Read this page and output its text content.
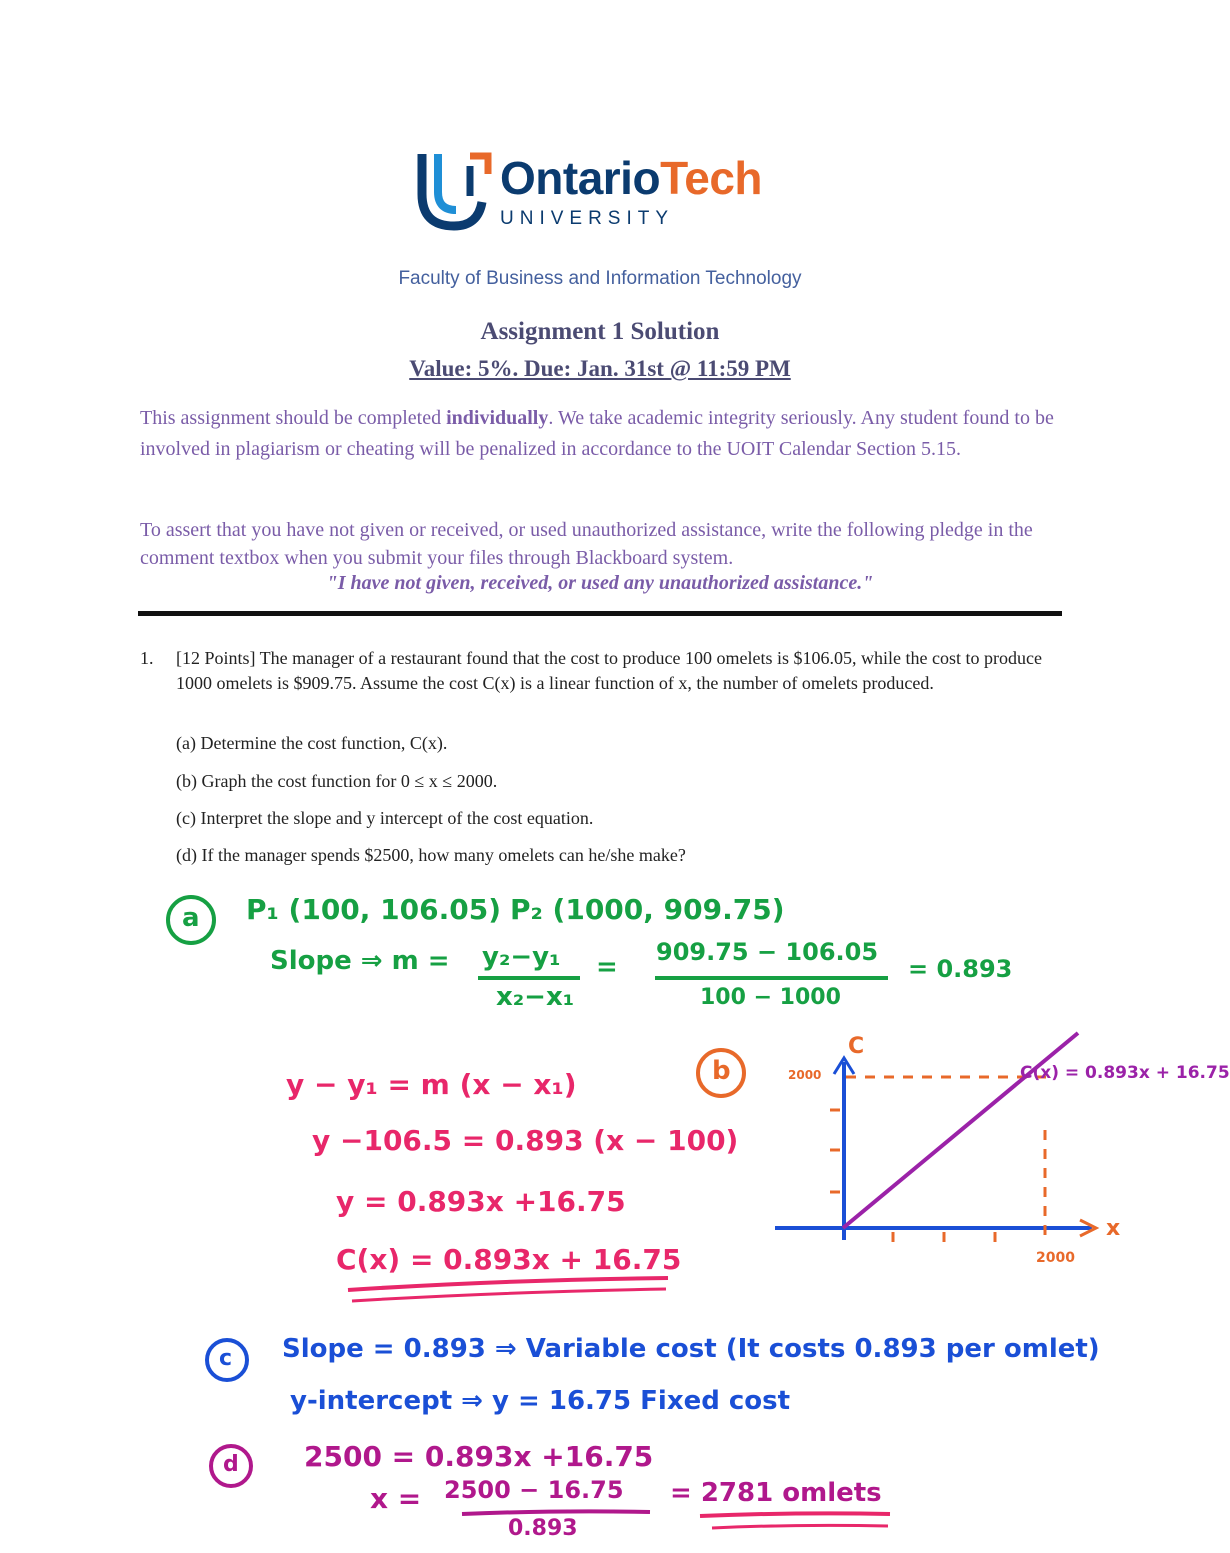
OntarioTech
UNIVERSITY
Faculty of Business and Information Technology
Assignment 1 Solution
Value: 5%. Due: Jan. 31st @ 11:59 PM
This assignment should be completed individually. We take academic integrity seriously. Any student found to be involved in plagiarism or cheating will be penalized in accordance to the UOIT Calendar Section 5.15.
To assert that you have not given or received, or used unauthorized assistance, write the following pledge in the comment textbox when you submit your files through Blackboard system.
"I have not given, received, or used any unauthorized assistance."
1. [12 Points] The manager of a restaurant found that the cost to produce 100 omelets is $106.05, while the cost to produce 1000 omelets is $909.75. Assume the cost C(x) is a linear function of x, the number of omelets produced.
(a) Determine the cost function, C(x).
(b) Graph the cost function for 0 ≤ x ≤ 2000.
(c) Interpret the slope and y intercept of the cost equation.
(d) If the manager spends $2500, how many omelets can he/she make?
a P₁ (100, 106.05) P₂ (1000, 909.75)
Slope ⇒ m = y₂−y₁
x₂−x₁
= 909.75 − 106.05
100 − 1000
= 0.893
y − y₁ = m (x − x₁)
y −106.5 = 0.893 (x − 100)
y = 0.893x +16.75
C(x) = 0.893x + 16.75
b
C
x
2000
2000
C(x) = 0.893x + 16.75
c Slope = 0.893 ⇒ Variable cost (It costs 0.893 per omlet)
y-intercept ⇒ y = 16.75 Fixed cost
d 2500 = 0.893x +16.75
x = 2500 − 16.75
0.893
= 2781 omlets
